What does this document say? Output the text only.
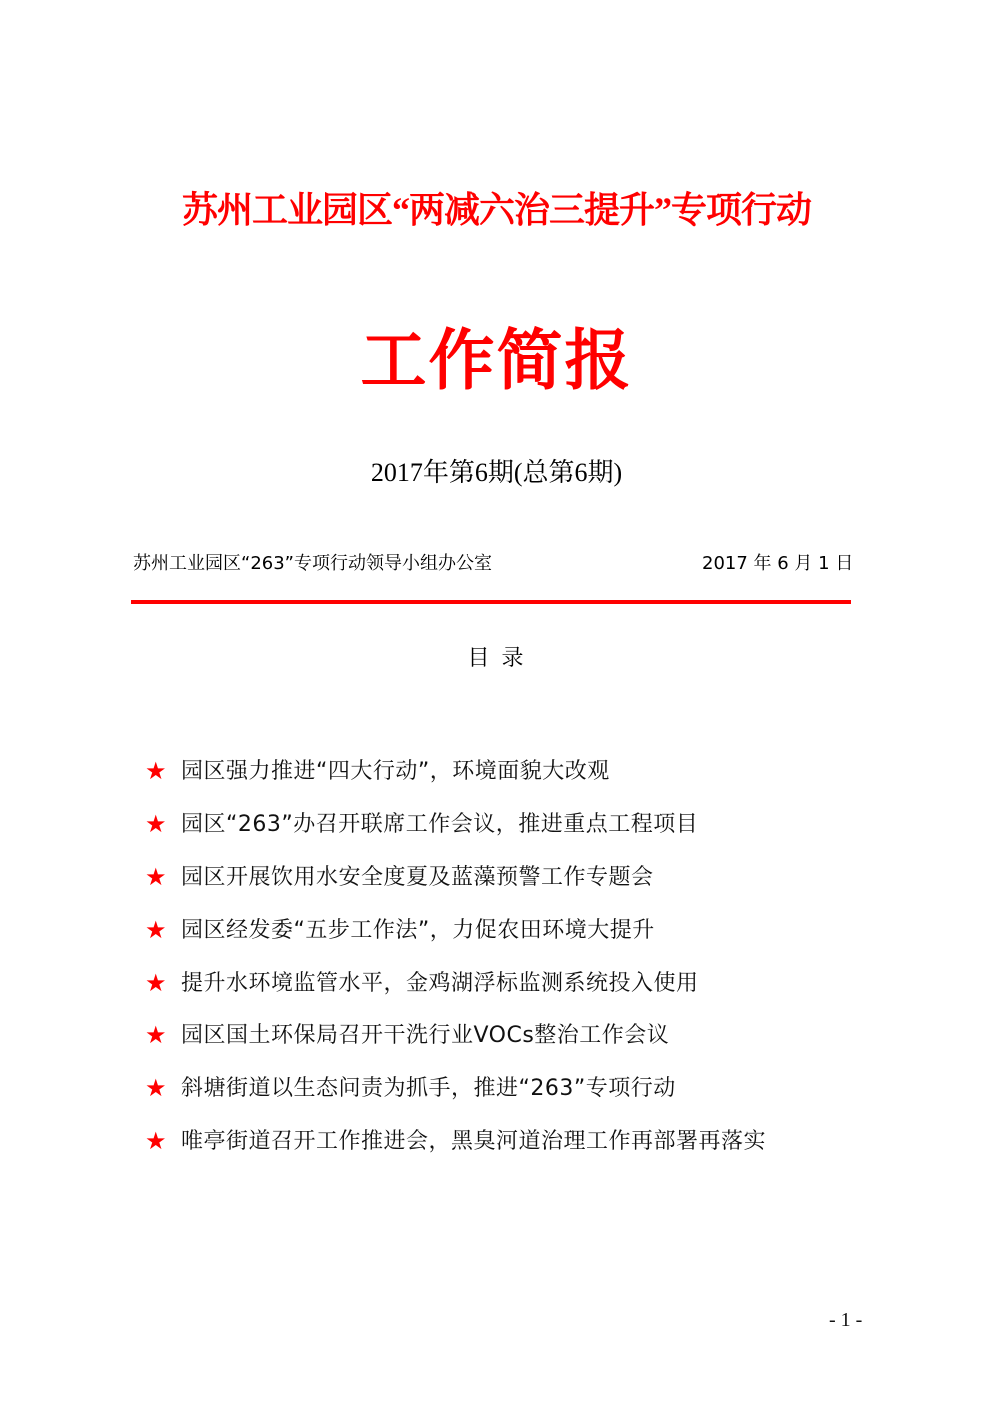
苏州工业园区“两减六治三提升”专项行动
工作简报
2017年第6期(总第6期)
苏州工业园区“263”专项行动领导小组办公室	2017 年 6 月 1 日
目录
★ 园区强力推进“四大行动”，环境面貌大改观
★ 园区“263”办召开联席工作会议，推进重点工程项目
★ 园区开展饮用水安全度夏及蓝藻预警工作专题会
★ 园区经发委“五步工作法”，力促农田环境大提升
★ 提升水环境监管水平，金鸡湖浮标监测系统投入使用
★ 园区国土环保局召开干洗行业VOCs整治工作会议
★ 斜塘街道以生态问责为抓手，推进“263”专项行动
★ 唯亭街道召开工作推进会，黑臭河道治理工作再部署再落实
- 1 -
